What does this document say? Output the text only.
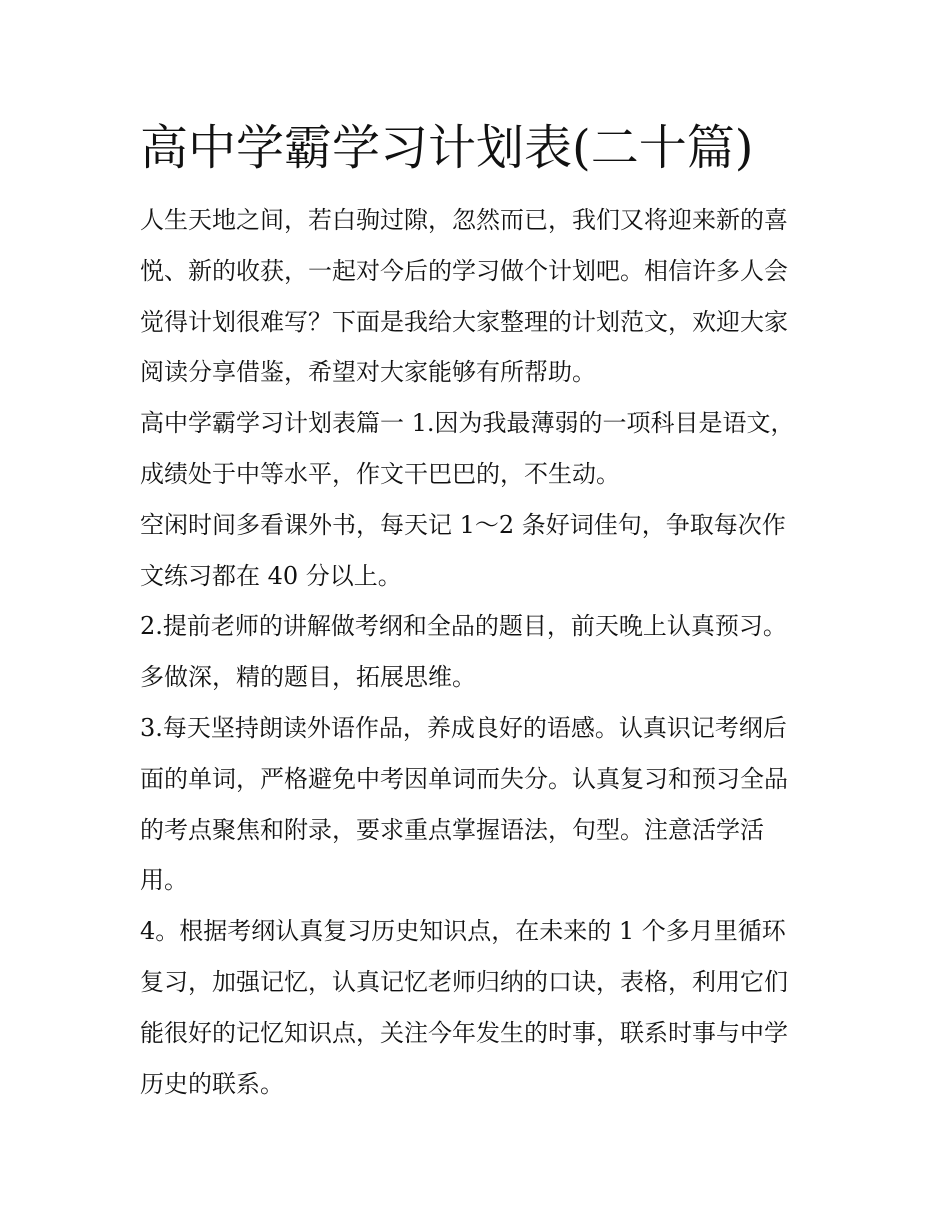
高中学霸学习计划表(二十篇)

人生天地之间，若白驹过隙，忽然而已，我们又将迎来新的喜
悦、新的收获，一起对今后的学习做个计划吧。相信许多人会
觉得计划很难写？下面是我给大家整理的计划范文，欢迎大家
阅读分享借鉴，希望对大家能够有所帮助。

高中学霸学习计划表篇一 1.因为我最薄弱的一项科目是语文，
成绩处于中等水平，作文干巴巴的，不生动。

空闲时间多看课外书，每天记 1～2 条好词佳句，争取每次作
文练习都在 40 分以上。

2.提前老师的讲解做考纲和全品的题目，前天晚上认真预习。
多做深，精的题目，拓展思维。

3.每天坚持朗读外语作品，养成良好的语感。认真识记考纲后
面的单词，严格避免中考因单词而失分。认真复习和预习全品
的考点聚焦和附录，要求重点掌握语法，句型。注意活学活
用。

4。根据考纲认真复习历史知识点，在未来的 1 个多月里循环
复习，加强记忆，认真记忆老师归纳的口诀，表格，利用它们
能很好的记忆知识点，关注今年发生的时事，联系时事与中学
历史的联系。
